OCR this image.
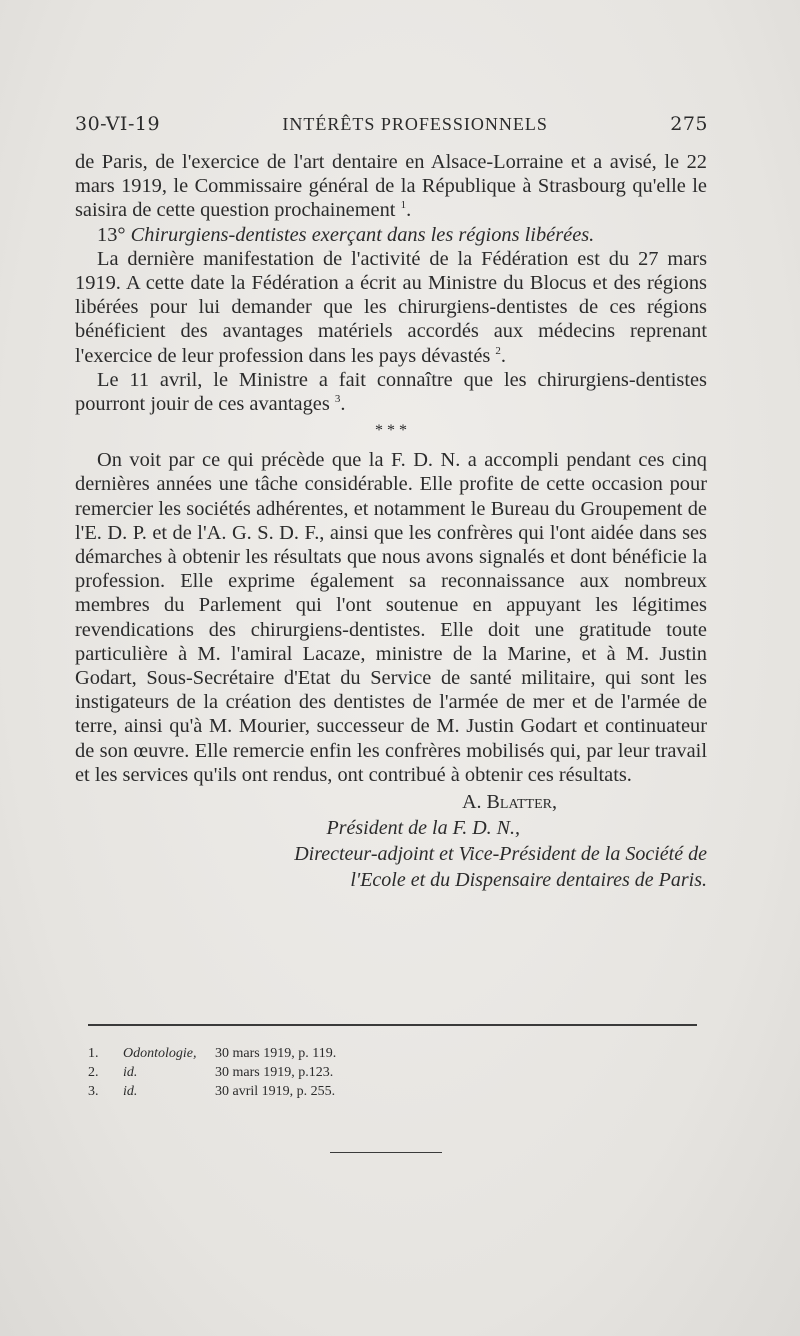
30-VI-19	INTÉRÊTS PROFESSIONNELS	275

de Paris, de l'exercice de l'art dentaire en Alsace-Lorraine et a avisé, le 22 mars 1919, le Commissaire général de la République à Strasbourg qu'elle le saisira de cette question prochainement $^1$.

13° Chirurgiens-dentistes exerçant dans les régions libérées.

La dernière manifestation de l'activité de la Fédération est du 27 mars 1919. A cette date la Fédération a écrit au Ministre du Blocus et des régions libérées pour lui demander que les chirurgiens-dentistes de ces régions bénéficient des avantages matériels accordés aux médecins reprenant l'exercice de leur profession dans les pays dévastés $^2$.

Le 11 avril, le Ministre a fait connaître que les chirurgiens-dentistes pourront jouir de ces avantages $^3$.

* * *

On voit par ce qui précède que la F. D. N. a accompli pendant ces cinq dernières années une tâche considérable. Elle profite de cette occasion pour remercier les sociétés adhérentes, et notamment le Bureau du Groupement de l'E. D. P. et de l'A. G. S. D. F., ainsi que les confrères qui l'ont aidée dans ses démarches à obtenir les résultats que nous avons signalés et dont bénéficie la profession. Elle exprime également sa reconnaissance aux nombreux membres du Parlement qui l'ont soutenue en appuyant les légitimes revendications des chirurgiens-dentistes. Elle doit une gratitude toute particulière à M. l'amiral Lacaze, ministre de la Marine, et à M. Justin Godart, Sous-Secrétaire d'Etat du Service de santé militaire, qui sont les instigateurs de la création des dentistes de l'armée de mer et de l'armée de terre, ainsi qu'à M. Mourier, successeur de M. Justin Godart et continuateur de son œuvre. Elle remercie enfin les confrères mobilisés qui, par leur travail et les services qu'ils ont rendus, ont contribué à obtenir ces résultats.

A. Blatter,
Président de la F. D. N.,
Directeur-adjoint et Vice-Président de la Société de
l'Ecole et du Dispensaire dentaires de Paris.
1.	Odontologie,	30 mars 1919, p. 119.
2.	id.	30 mars 1919, p.123.
3.	id.	30 avril 1919, p. 255.
